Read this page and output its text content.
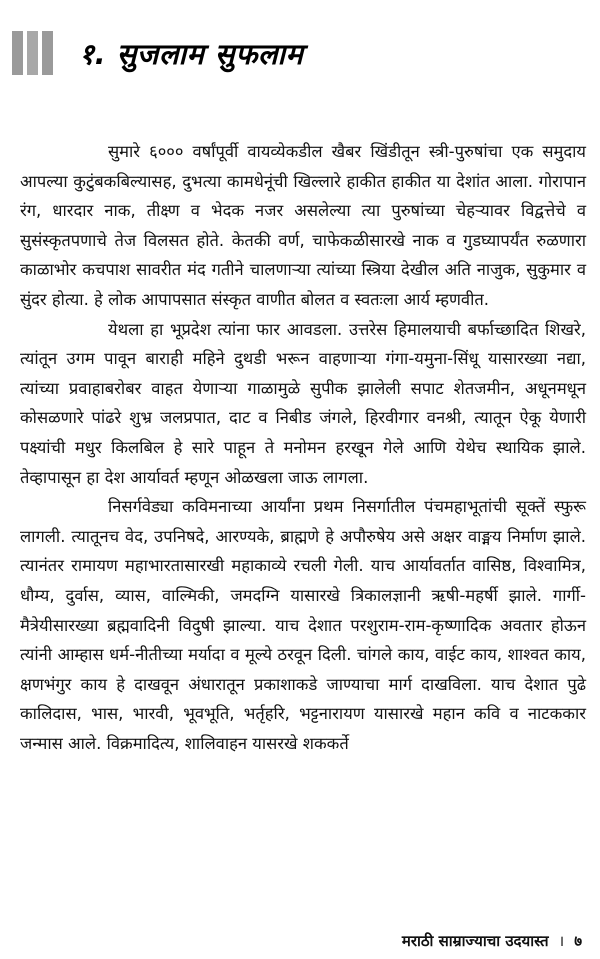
१. सुजलाम सुफलाम

सुमारे ६००० वर्षांपूर्वी वायव्येकडील खैबर खिंडीतून स्त्री-पुरुषांचा एक समुदाय आपल्या कुटुंबकबिल्यासह, दुभत्या कामधेनूंची खिल्लारे हाकीत हाकीत या देशांत आला. गोरापान रंग, धारदार नाक, तीक्ष्ण व भेदक नजर असलेल्या त्या पुरुषांच्या चेहऱ्यावर विद्वत्तेचे व सुसंस्कृतपणाचे तेज विलसत होते. केतकी वर्ण, चाफेकळीसारखे नाक व गुडघ्यापर्यंत रुळणारा काळाभोर कचपाश सावरीत मंद गतीने चालणाऱ्या त्यांच्या स्त्रिया देखील अति नाजुक, सुकुमार व सुंदर होत्या. हे लोक आपापसात संस्कृत वाणीत बोलत व स्वतःला आर्य म्हणवीत.

येथला हा भूप्रदेश त्यांना फार आवडला. उत्तरेस हिमालयाची बर्फाच्छादित शिखरे, त्यांतून उगम पावून बाराही महिने दुथडी भरून वाहणाऱ्या गंगा-यमुना-सिंधू यासारख्या नद्या, त्यांच्या प्रवाहाबरोबर वाहत येणाऱ्या गाळामुळे सुपीक झालेली सपाट शेतजमीन, अधूनमधून कोसळणारे पांढरे शुभ्र जलप्रपात, दाट व निबीड जंगले, हिरवीगार वनश्री, त्यातून ऐकू येणारी पक्ष्यांची मधुर किलबिल हे सारे पाहून ते मनोमन हरखून गेले आणि येथेच स्थायिक झाले. तेव्हापासून हा देश आर्यावर्त म्हणून ओळखला जाऊ लागला.

निसर्गवेड्या कविमनाच्या आर्यांना प्रथम निसर्गातील पंचमहाभूतांची सूक्तें स्फुरू लागली. त्यातूनच वेद, उपनिषदे, आरण्यके, ब्राह्मणे हे अपौरुषेय असे अक्षर वाङ्मय निर्माण झाले. त्यानंतर रामायण महाभारतासारखी महाकाव्ये रचली गेली. याच आर्यावर्तात वासिष्ठ, विश्वामित्र, धौम्य, दुर्वास, व्यास, वाल्मिकी, जमदग्नि यासारखे त्रिकालज्ञानी ऋषी-महर्षी झाले. गार्गी-मैत्रेयीसारख्या ब्रह्मवादिनी विदुषी झाल्या. याच देशात परशुराम-राम-कृष्णादिक अवतार होऊन त्यांनी आम्हास धर्म-नीतीच्या मर्यादा व मूल्ये ठरवून दिली. चांगले काय, वाईट काय, शाश्वत काय, क्षणभंगुर काय हे दाखवून अंधारातून प्रकाशाकडे जाण्याचा मार्ग दाखविला. याच देशात पुढे कालिदास, भास, भारवी, भूवभूति, भर्तृहरि, भट्टनारायण यासारखे महान कवि व नाटककार जन्मास आले. विक्रमादित्य, शालिवाहन यासरखे शककर्ते

मराठी साम्राज्याचा उदयास्त । ७
